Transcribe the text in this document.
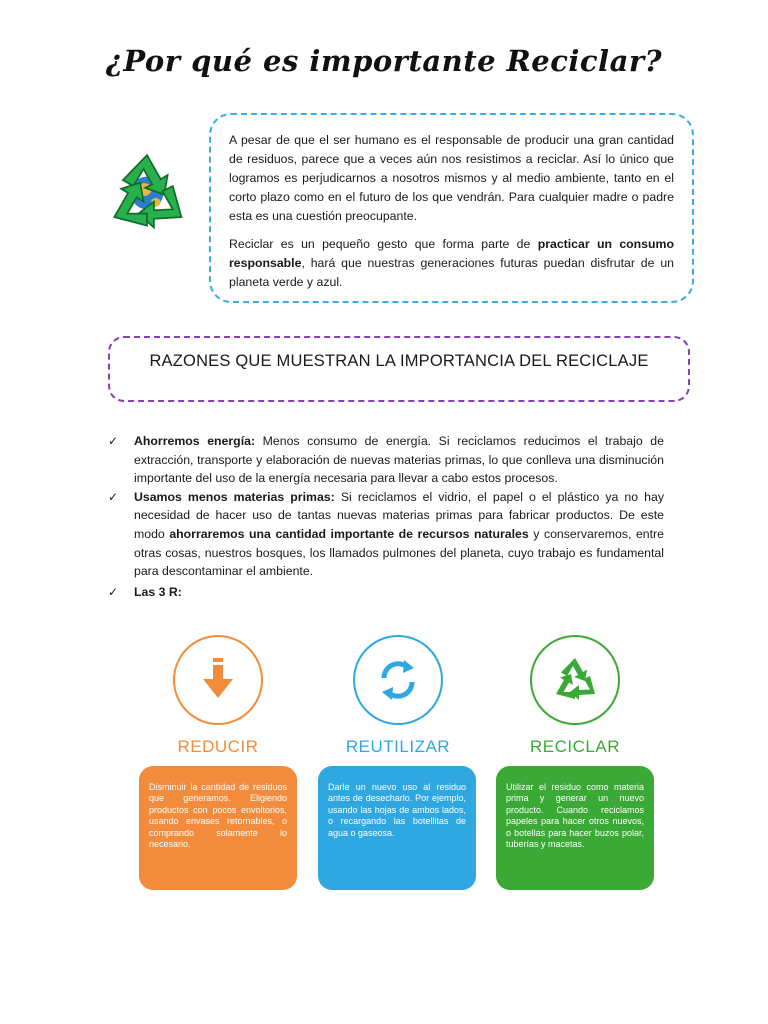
¿Por qué es importante Reciclar?

A pesar de que el ser humano es el responsable de producir una gran cantidad de residuos, parece que a veces aún nos resistimos a reciclar. Así lo único que logramos es perjudicarnos a nosotros mismos y al medio ambiente, tanto en el corto plazo como en el futuro de los que vendrán. Para cualquier madre o padre esta es una cuestión preocupante.

Reciclar es un pequeño gesto que forma parte de practicar un consumo responsable, hará que nuestras generaciones futuras puedan disfrutar de un planeta verde y azul.

RAZONES QUE MUESTRAN LA IMPORTANCIA DEL RECICLAJE
✓ Ahorremos energía: Menos consumo de energía. Si reciclamos reducimos el trabajo de extracción, transporte y elaboración de nuevas materias primas, lo que conlleva una disminución importante del uso de la energía necesaria para llevar a cabo estos procesos.
✓ Usamos menos materias primas: Si reciclamos el vidrio, el papel o el plástico ya no hay necesidad de hacer uso de tantas nuevas materias primas para fabricar productos. De este modo ahorraremos una cantidad importante de recursos naturales y conservaremos, entre otras cosas, nuestros bosques, los llamados pulmones del planeta, cuyo trabajo es fundamental para descontaminar el ambiente.
✓ Las 3 R:
REDUCIR
Disminuir la cantidad de residuos que generamos. Eligiendo productos con pocos envoltorios, usando envases retornables, o comprando solamente lo necesario.
REUTILIZAR
Darle un nuevo uso al residuo antes de desecharlo. Por ejemplo, usando las hojas de ambos lados, o recargando las botellitas de agua o gaseosa.
RECICLAR
Utilizar el residuo como materia prima y generar un nuevo producto. Cuando reciclamos papeles para hacer otros nuevos, o botellas para hacer buzos polar, tuberías y macetas.
